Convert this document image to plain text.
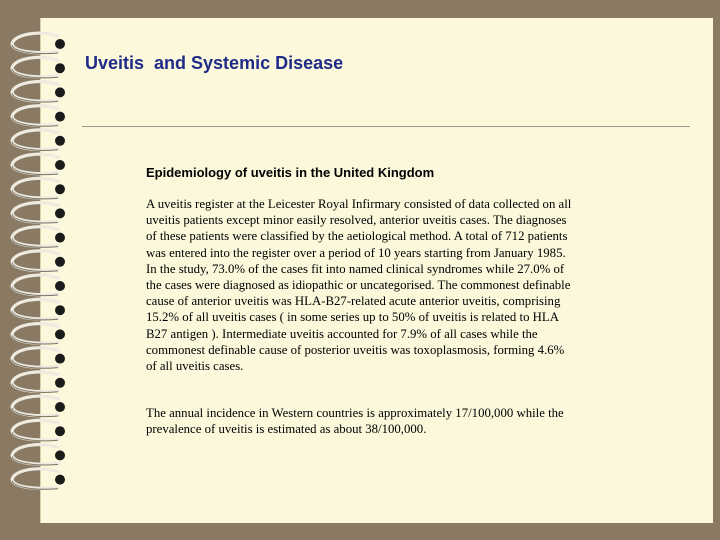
Uveitis  and Systemic Disease
Epidemiology of uveitis in the United Kingdom

A uveitis register at the Leicester Royal Infirmary consisted of data collected on all uveitis patients except minor easily resolved, anterior uveitis cases. The diagnoses of these patients were classified by the aetiological method. A total of 712 patients was entered into the register over a period of 10 years starting from January 1985. In the study, 73.0% of the cases fit into named clinical syndromes while 27.0% of the cases were diagnosed as idiopathic or uncategorised. The commonest definable cause of anterior uveitis was HLA-B27-related acute anterior uveitis, comprising 15.2% of all uveitis cases ( in some series up to 50% of uveitis is related to HLA B27 antigen ). Intermediate uveitis accounted for 7.9% of all cases while the commonest definable cause of posterior uveitis was toxoplasmosis, forming 4.6% of all uveitis cases.

The annual incidence in Western countries is approximately 17/100,000 while the prevalence of uveitis is estimated as about 38/100,000.
